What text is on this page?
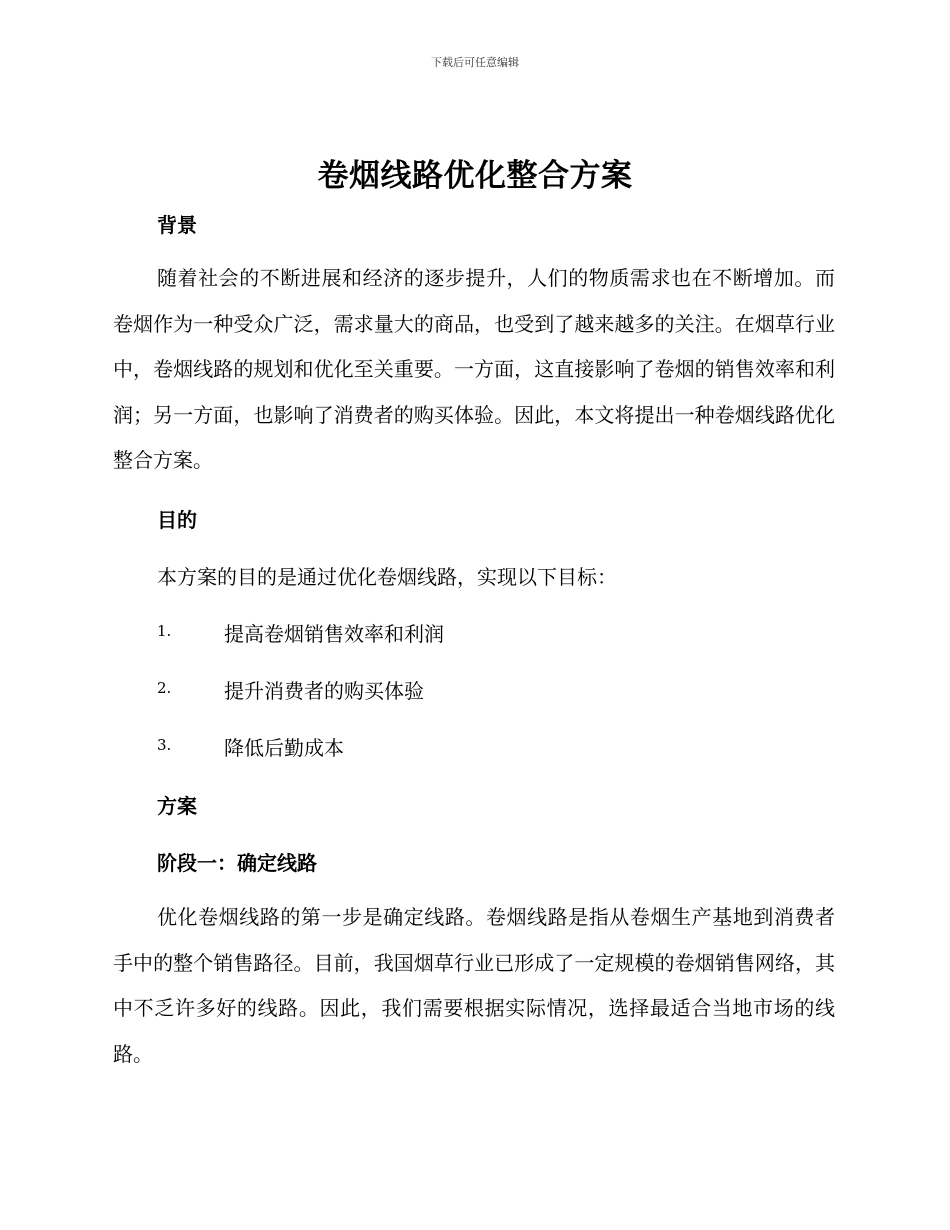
下载后可任意编辑
卷烟线路优化整合方案
背景
随着社会的不断进展和经济的逐步提升，人们的物质需求也在不断增加。而卷烟作为一种受众广泛，需求量大的商品，也受到了越来越多的关注。在烟草行业中，卷烟线路的规划和优化至关重要。一方面，这直接影响了卷烟的销售效率和利润；另一方面，也影响了消费者的购买体验。因此，本文将提出一种卷烟线路优化整合方案。
目的
本方案的目的是通过优化卷烟线路，实现以下目标：
1.	提高卷烟销售效率和利润
2.	提升消费者的购买体验
3.	降低后勤成本
方案
阶段一：确定线路
优化卷烟线路的第一步是确定线路。卷烟线路是指从卷烟生产基地到消费者手中的整个销售路径。目前，我国烟草行业已形成了一定规模的卷烟销售网络，其中不乏许多好的线路。因此，我们需要根据实际情况，选择最适合当地市场的线路。
